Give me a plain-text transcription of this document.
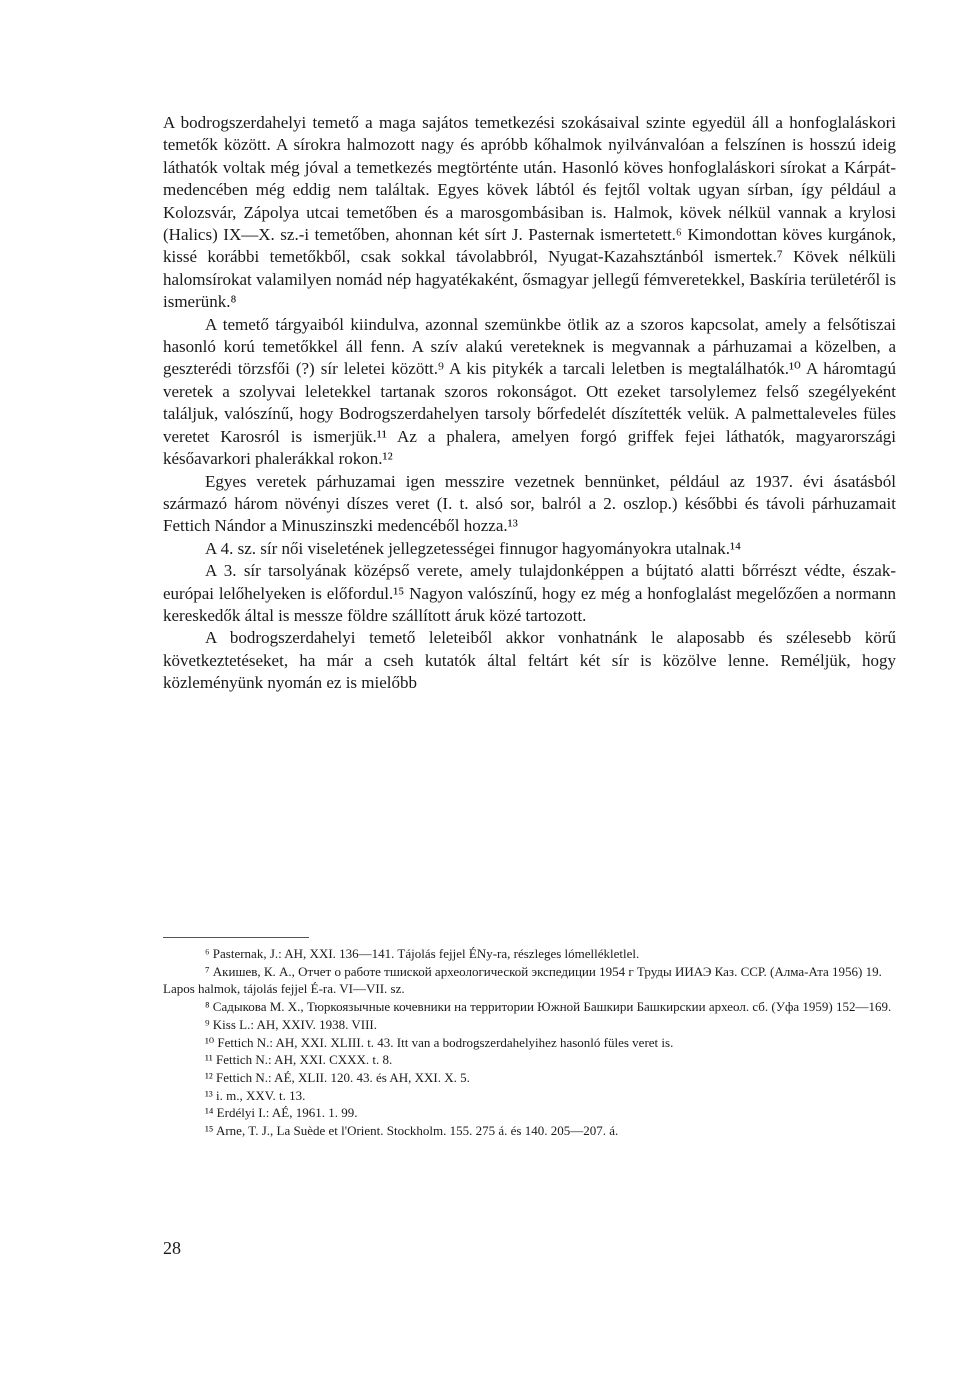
A bodrogszerdahelyi temető a maga sajátos temetkezési szokásaival szinte egyedül áll a honfoglaláskori temetők között. A sírokra halmozott nagy és apróbb kőhalmok nyilvánvalóan a felszínen is hosszú ideig láthatók voltak még jóval a temetkezés megtörténte után. Hasonló köves honfoglaláskori sírokat a Kárpát-medencében még eddig nem találtak. Egyes kövek lábtól és fejtől voltak ugyan sírban, így például a Kolozsvár, Zápolya utcai temetőben és a marosgombásiban is. Halmok, kövek nélkül vannak a krylosi (Halics) IX—X. sz.-i temetőben, ahonnan két sírt J. Pasternak ismertetett.⁶ Kimondottan köves kurgánok, kissé korábbi temetőkből, csak sokkal távolabbról, Nyugat-Kazahsztánból ismertek.⁷ Kövek nélküli halomsírokat valamilyen nomád nép hagyatékaként, ősmagyar jellegű fémveretekkel, Baskíria területéről is ismerünk.⁸

A temető tárgyaiból kiindulva, azonnal szemünkbe ötlik az a szoros kapcsolat, amely a felsőtiszai hasonló korú temetőkkel áll fenn. A szív alakú vereteknek is megvannak a párhuzamai a közelben, a geszterédi törzsfői (?) sír leletei között.⁹ A kis pitykék a tarcali leletben is megtalálhatók.¹⁰ A háromtagú veretek a szolyvai leletekkel tartanak szoros rokonságot. Ott ezeket tarsolylemez felső szegélyeként találjuk, valószínű, hogy Bodrogszerdahelyen tarsoly bőrfedelét díszítették velük. A palmettaleveles füles veretet Karosról is ismerjük.¹¹ Az a phalera, amelyen forgó griffek fejei láthatók, magyarországi későavarkori phalerákkal rokon.¹²

Egyes veretek párhuzamai igen messzire vezetnek bennünket, például az 1937. évi ásatásból származó három növényi díszes veret (I. t. alsó sor, balról a 2. oszlop.) későbbi és távoli párhuzamait Fettich Nándor a Minuszinszki medencéből hozza.¹³

A 4. sz. sír női viseletének jellegzetességei finnugor hagyományokra utalnak.¹⁴

A 3. sír tarsolyának középső verete, amely tulajdonképpen a bújtató alatti bőrrészt védte, észak-európai lelőhelyeken is előfordul.¹⁵ Nagyon valószínű, hogy ez még a honfoglalást megelőzően a normann kereskedők által is messze földre szállított áruk közé tartozott.

A bodrogszerdahelyi temető leleteiből akkor vonhatnánk le alaposabb és szélesebb körű következtetéseket, ha már a cseh kutatók által feltárt két sír is közölve lenne. Reméljük, hogy közleményünk nyomán ez is mielőbb

⁶ Pasternak, J.: AH, XXI. 136—141. Tájolás fejjel ÉNy-ra, részleges lómellékletlel.

⁷ Акишев, К. А., Отчет о работе тшиской археологической экспедиции 1954 г Труды ИИАЭ Каз. ССР. (Алма-Ата 1956) 19.

Lapos halmok, tájolás fejjel É-ra. VI—VII. sz.

⁸ Садыкова М. Х., Тюркоязычные кочевники на территории Южной Башкири Башкирскии археол. сб. (Уфа 1959) 152—169.

⁹ Kiss L.: AH, XXIV. 1938. VIII.

¹⁰ Fettich N.: AH, XXI. XLIII. t. 43. Itt van a bodrogszerdahelyihez hasonló füles veret is.

¹¹ Fettich N.: AH, XXI. CXXX. t. 8.

¹² Fettich N.: AÉ, XLII. 120. 43. és AH, XXI. X. 5.

¹³ i. m., XXV. t. 13.

¹⁴ Erdélyi I.: AÉ, 1961. 1. 99.

¹⁵ Arne, T. J., La Suède et l'Orient. Stockholm. 155. 275 á. és 140. 205—207. á.

28
